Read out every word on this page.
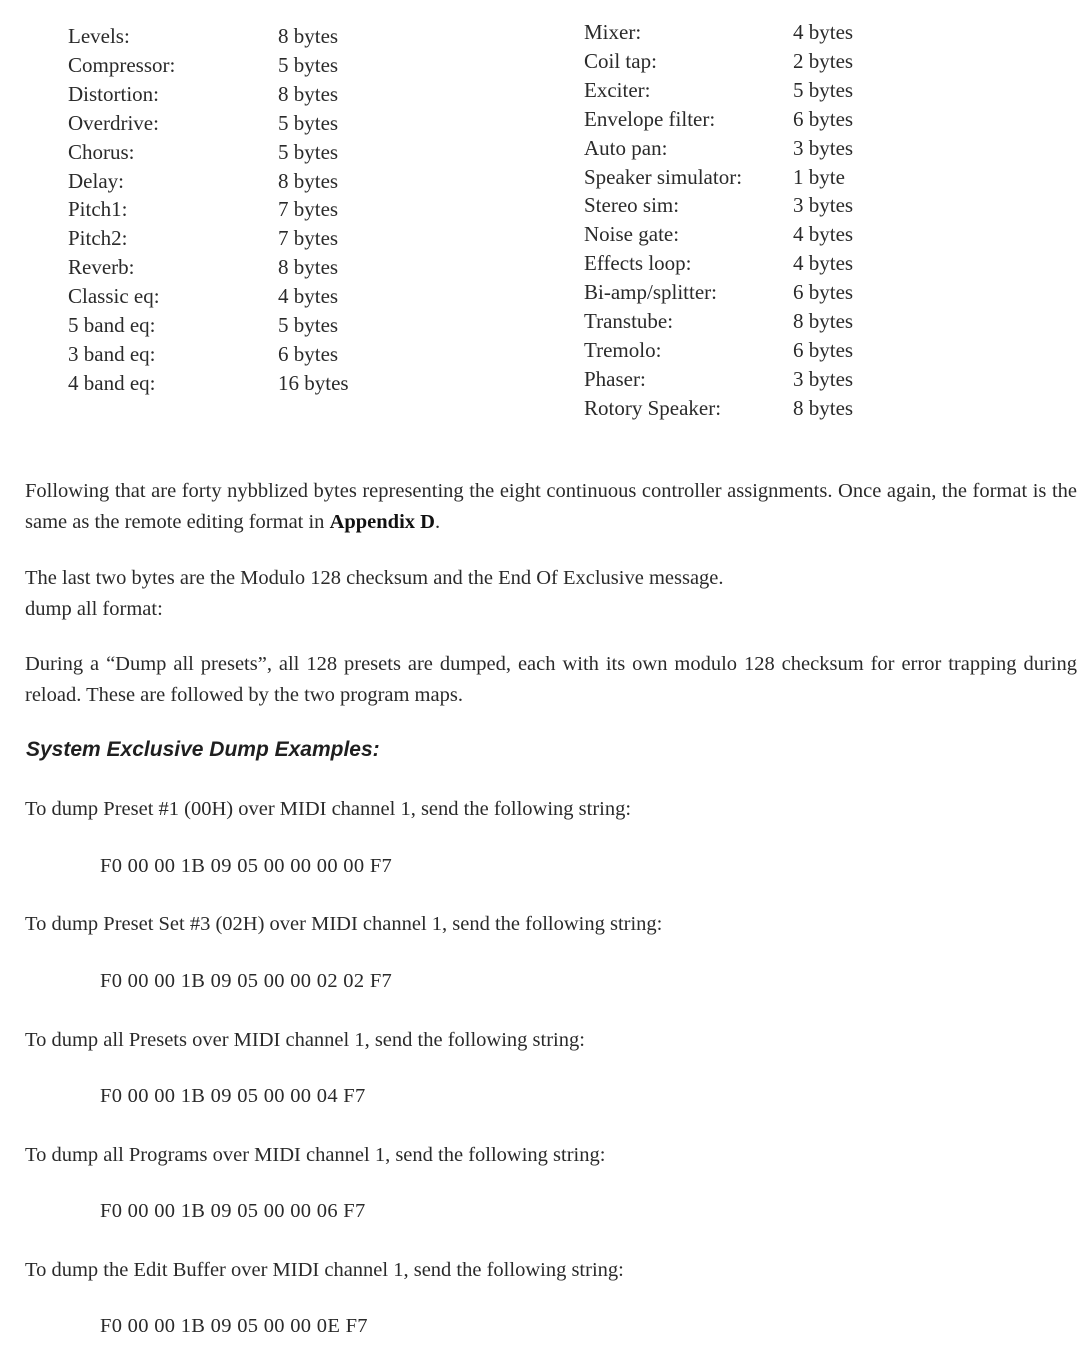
Levels:	8 bytes
Compressor:	5 bytes
Distortion:	8 bytes
Overdrive:	5 bytes
Chorus:	5 bytes
Delay:	8 bytes
Pitch1:	7 bytes
Pitch2:	7 bytes
Reverb:	8 bytes
Classic eq:	4 bytes
5 band eq:	5 bytes
3 band eq:	6 bytes
4 band eq:	16 bytes
Mixer:	4 bytes
Coil tap:	2 bytes
Exciter:	5 bytes
Envelope filter:	6 bytes
Auto pan:	3 bytes
Speaker simulator:	1 byte
Stereo sim:	3 bytes
Noise gate:	4 bytes
Effects loop:	4 bytes
Bi-amp/splitter:	6 bytes
Transtube:	8 bytes
Tremolo:	6 bytes
Phaser:	3 bytes
Rotory Speaker:	8 bytes

Following that are forty nybblized bytes representing the eight continuous controller assignments. Once again, the format is the same as the remote editing format in Appendix D.

The last two bytes are the Modulo 128 checksum and the End Of Exclusive message.
dump all format:

During a “Dump all presets”, all 128 presets are dumped, each with its own modulo 128 checksum for error trapping during reload. These are followed by the two program maps.

System Exclusive Dump Examples:

To dump Preset #1 (00H) over MIDI channel 1, send the following string:

F0 00 00 1B 09 05 00 00 00 00 F7

To dump Preset Set #3 (02H) over MIDI channel 1, send the following string:

F0 00 00 1B 09 05 00 00 02 02 F7

To dump all Presets over MIDI channel 1, send the following string:

F0 00 00 1B 09 05 00 00 04 F7

To dump all Programs over MIDI channel 1, send the following string:

F0 00 00 1B 09 05 00 00 06 F7

To dump the Edit Buffer over MIDI channel 1, send the following string:

F0 00 00 1B 09 05 00 00 0E F7
